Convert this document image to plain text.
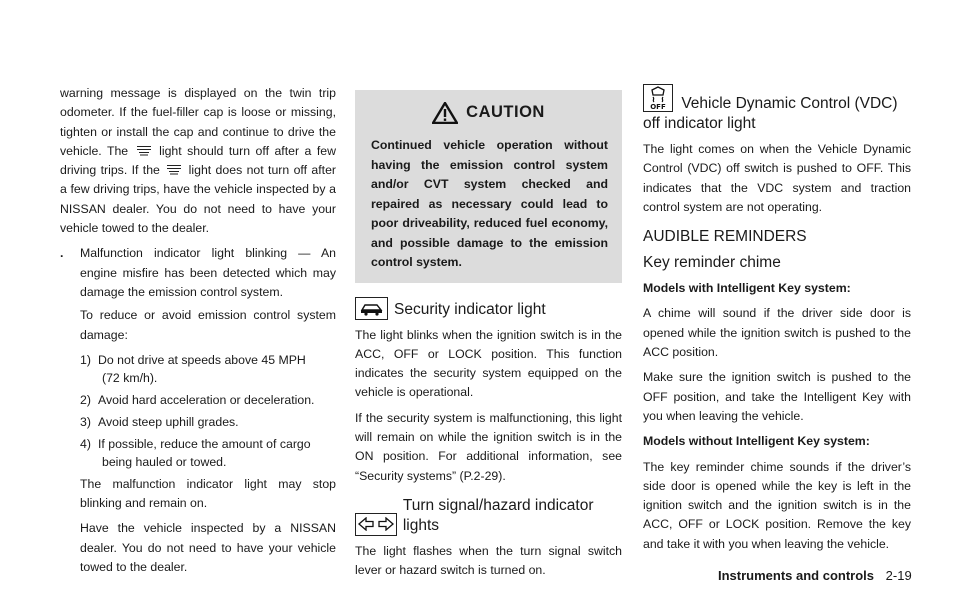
warning message is displayed on the twin trip odometer. If the fuel-filler cap is loose or missing, tighten or install the cap and continue to drive the vehicle. The	light should turn off after a few driving trips. If the light does not turn off after a few driving trips, have the vehicle inspected by a NISSAN dealer. You do not need to have your vehicle towed to the dealer.

. Malfunction indicator light blinking — An engine misfire has been detected which may damage the emission control system.

To reduce or avoid emission control system damage:

1) Do not drive at speeds above 45 MPH
(72 km/h).
2) Avoid hard acceleration or deceleration.
3) Avoid steep uphill grades.
4) If possible, reduce the amount of cargo
being hauled or towed.

The malfunction indicator light may stop blinking and remain on.

Have the vehicle inspected by a NISSAN dealer. You do not need to have your vehicle towed to the dealer.

CAUTION
Continued vehicle operation without having the emission control system and/or CVT system checked and repaired as necessary could lead to poor driveability, reduced fuel economy, and possible damage to the emission control system.
Security indicator light

The light blinks when the ignition switch is in the ACC, OFF or LOCK position. This function indicates the security system equipped on the vehicle is operational.

If the security system is malfunctioning, this light will remain on while the ignition switch is in the ON position. For additional information, see “Security systems” (P.2-29).

Turn signal/hazard indicator lights

The light flashes when the turn signal switch lever or hazard switch is turned on.

OFF Vehicle Dynamic Control (VDC) off indicator light

The light comes on when the Vehicle Dynamic Control (VDC) off switch is pushed to OFF. This indicates that the VDC system and traction control system are not operating.

AUDIBLE REMINDERS
Key reminder chime
Models with Intelligent Key system:

A chime will sound if the driver side door is opened while the ignition switch is pushed to the ACC position.

Make sure the ignition switch is pushed to the OFF position, and take the Intelligent Key with you when leaving the vehicle.

Models without Intelligent Key system:

The key reminder chime sounds if the driver’s side door is opened while the key is left in the ignition switch and the ignition switch is in the ACC, OFF or LOCK position. Remove the key and take it with you when leaving the vehicle.

Instruments and controls 2-19
